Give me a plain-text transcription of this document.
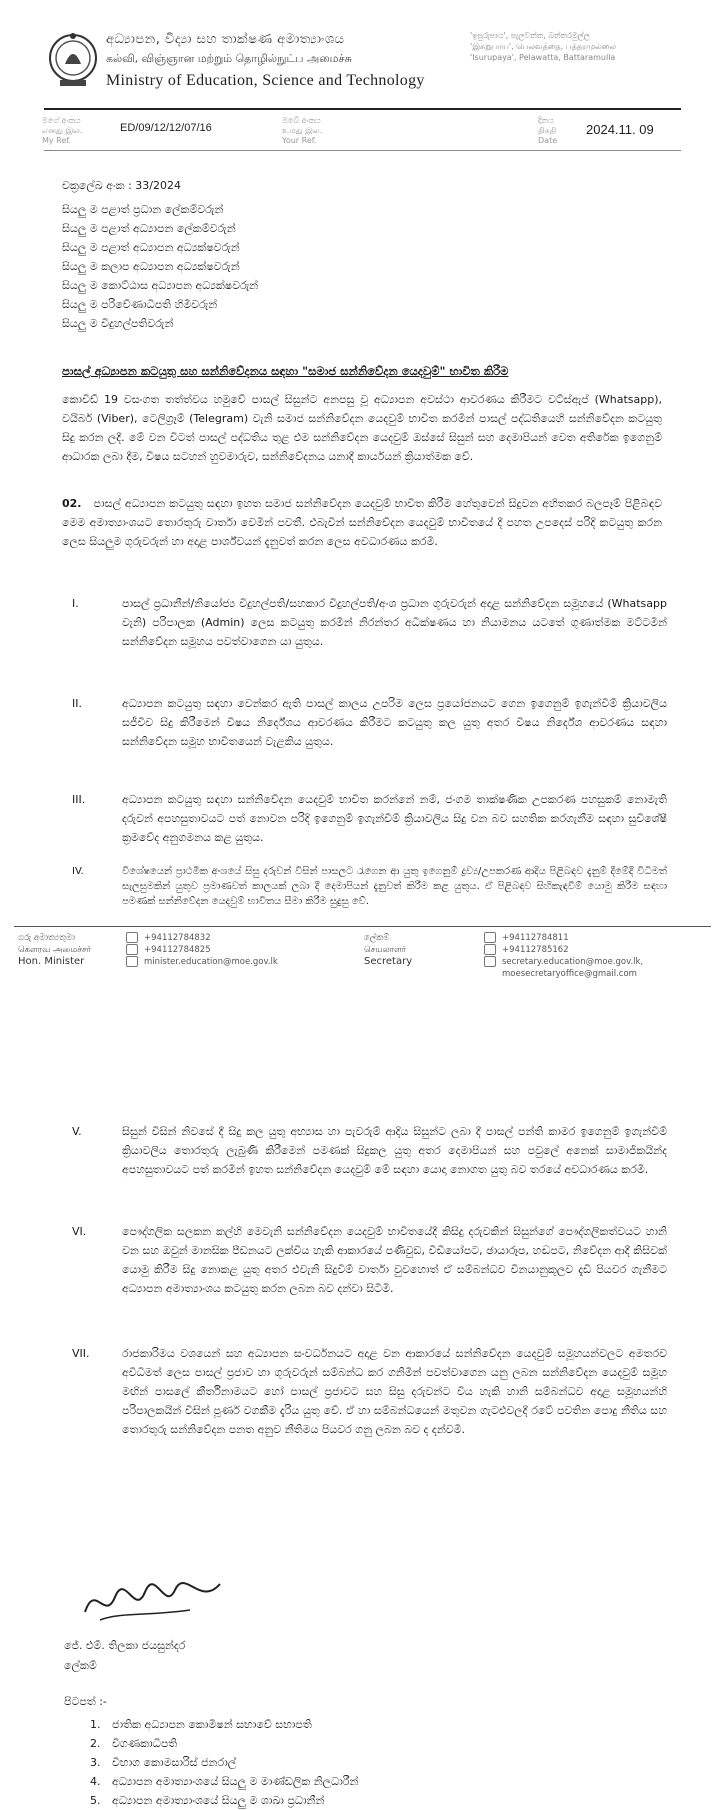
අධ්‍යාපන, විද්‍යා සහ තාක්ෂණ අමාත්‍යාංශය
கல்வி, விஞ்ஞான மற்றும் தொழில்நுட்ப அமைச்சு
Ministry of Education, Science and Technology
'ඉසුරුපාය', පැලවත්ත, බත්තරමුල්ල
'இசுறுபாய', பெலவத்தை, பத்தரமுல்லை
'Isurupaya', Pelawatta, Battaramulla
මගේ අංකය
எனது இல.
My Ref.
ED/09/12/12/07/16
ඔබේ අංකය
உமது இல.
Your Ref.
දිනය
திகதி
Date
2024.11. 09
චක්‍රලේඛ අංක : 33/2024
සියලු ම පළාත් ප්‍රධාන ලේකම්වරුන්
සියලු ම පළාත් අධ්‍යාපන ලේකම්වරුන්
සියලු ම පළාත් අධ්‍යාපන අධ්‍යක්ෂවරුන්
සියලු ම කලාප අධ්‍යාපන අධ්‍යක්ෂවරුන්
සියලු ම කොට්ඨාස අධ්‍යාපන අධ්‍යක්ෂවරුන්
සියලු ම පරිවේණාධිපති හිමිවරුන්
සියලු ම විදුහල්පතිවරුන්
පාසල් අධ්‍යාපන කටයුතු සහ සන්නිවේදනය සඳහා "සමාජ සන්නිවේදන යෙදවුම්" භාවිත කිරීම
කොවිඩ් 19 වසංගත තත්ත්වය හමුවේ පාසල් සිසුන්ට අනපසු වූ අධ්‍යාපන අවස්ථා ආවරණය කිරීමට වට්ස්ඇප් (Whatsapp), වයිබර් (Viber), ටෙලිග්‍රෑම් (Telegram) වැනි සමාජ සන්නිවේදන යෙදවුම් භාවිත කරමින් පාසල් පද්ධතියෙහි සන්නිවේදන කටයුතු සිදු කරන ලදී. මේ වන විටත් පාසල් පද්ධතිය තුළ එම සන්නිවේදන යෙදවුම් ඔස්සේ සිසුන් සහ දෙමාපියන් වෙත අතිරේක ඉගෙනුම් ආධාරක ලබා දීම, විෂය සටහන් හුවමාරුව, සන්නිවේදනය යනාදී කාර්යයන් ක්‍රියාත්මක වේ.
02. පාසල් අධ්‍යාපන කටයුතු සඳහා ඉහත සමාජ සන්නිවේදන යෙදවුම් භාවිත කිරීම හේතුවෙන් සිදුවන අහිතකර බලපෑම් පිළිබඳව මෙම අමාත්‍යාංශයට තොරතුරු වාර්තා වෙමින් පවතී. එබැවින් සන්නිවේදන යෙදවුම් භාවිතයේ දී පහත උපදෙස් පරිදි කටයුතු කරන ලෙස සියලුම ගුරුවරුන් හා අදාළ පාර්ශ්වයන් දැනුවත් කරන ලෙස අවධාරණය කරමි.
I.	පාසල් ප්‍රධානීන්/නියෝජ්‍ය විදුහල්පති/සහකාර විදුහල්පති/අංශ ප්‍රධාන ගුරුවරුන් අදාළ සන්නිවේදන සමූහයේ (Whatsapp වැනි) පරිපාලක (Admin) ලෙස කටයුතු කරමින් නිරන්තර අධීක්ෂණය හා නියාමනය යටතේ ගුණාත්මක මට්ටමින් සන්නිවේදන සමූහය පවත්වාගෙන යා යුතුය.
II.	අධ්‍යාපන කටයුතු සඳහා වෙන්කර ඇති පාසල් කාලය උපරිම ලෙස ප්‍රයෝජනයට ගෙන ඉගෙනුම් ඉගැන්වීම් ක්‍රියාවලිය සජීවීව සිදු කිරීමෙන් විෂය නිර්දේශය ආවරණය කිරීමට කටයුතු කල යුතු අතර විෂය නිර්දේශ ආවරණය සඳහා සන්නිවේදන සමූහ භාවිතයෙන් වැළකිය යුතුය.
III.	අධ්‍යාපන කටයුතු සඳහා සන්නිවේදන යෙදවුම් භාවිත කරන්නේ නම්, ජංගම තාක්ෂණික උපකරණ පහසුකම් නොමැති දරුවන් අපහසුතාවයට පත් නොවන පරිදි ඉගෙනුම් ඉගැන්වීම් ක්‍රියාවලිය සිදු වන බව සහතික කරගැනීම සඳහා සුවිශේෂී ක්‍රමවේද අනුගමනය කළ යුතුය.
IV.	විශේෂයෙන් ප්‍රාථමික අංශයේ සිසු දරුවන් විසින් පාසලට රැගෙන ආ යුතු ඉගෙනුම් ද්‍රව්‍ය/උපකරණ ආදිය පිළිබඳව දැනුම් දීමේදී විධිමත් සැලසුමකින් යුතුව ප්‍රමාණවත් කාලයක් ලබා දී දෙමාපියන් දැනුවත් කිරීම කළ යුතුය. ඒ පිළිබඳව සිහිකැඳවීම් යොමු කිරීම සඳහා පමණක් සන්නිවේදන යෙදවුම් භාවිතය සීමා කිරීම සුදුසු වේ.
ගරු අමාත්‍යතුමා
கௌரவ அமைச்சர்
Hon. Minister
+94112784832
+94112784825
minister.education@moe.gov.lk
ලේකම්
செயலாளர்
Secretary
+94112784811
+94112785162
secretary.education@moe.gov.lk,
moesecretaryoffice@gmail.com
V.	සිසුන් විසින් නිවසේ දී සිදු කල යුතු අභ්‍යාස හා පැවරුම් ආදිය සිසුන්ට ලබා දී පාසල් පන්ති කාමර ඉගෙනුම් ඉගැන්වීම් ක්‍රියාවලිය තොරතුරු ලැබුණි කිරීමෙන් පමණක් සිදුකල යුතු අතර දෙමාපියන් සහ පවුලේ අනෙක් සාමාජිකයින්ද අපහසුතාවයට පත් කරමින් ඉහත සන්නිවේදන යෙදවුම් මේ සඳහා යොදා නොගත යුතු බව තරයේ අවධාරණය කරමි.
VI.	පෞද්ගලික සලකන කල්හි මෙවැනි සන්නිවේදන යෙදවුම් භාවිතයේදී කිසිදු දරුවකින් සිසුන්ගේ පෞද්ගලිකත්වයට හානි වන සහ ඔවුන් මානසික පීඩනයට ලක්විය හැකි ආකාරයේ පණිවුඩ, වීඩියෝපට, ඡායාරූප, හඬපට, නිවේදන ආදී කිසිවක් යොමු කිරීම සිදු නොකළ යුතු අතර එවැනි සිදුවීම් වාර්තා වුවහොත් ඒ සම්බන්ධව විනයානුකූලව දැඩි පියවර ගැනීමට අධ්‍යාපන අමාත්‍යාංශය කටයුතු කරන ලබන බව දන්වා සිටිමි.
VII.	රාජකාරිමය වශයෙන් සහ අධ්‍යාපන සංවර්ධනයට අදාළ වන ආකාරයේ සන්නිවේදන යෙදවුම් සමූහයන්වලට අමතරව අවිධිමත් ලෙස පාසල් ප්‍රජාව හා ගුරුවරුන් සම්බන්ධ කර ගනිමින් පවත්වාගෙන යනු ලබන සන්නිවේදන යෙදවුම් සමූහ මඟින් පාසලේ කීර්තිනාමයට හෝ පාසල් ප්‍රජාවට සහ සිසු දරුවන්ට විය හැකි හානි සම්බන්ධව අදාළ සමූහයන්හි පරිපාලකයින් විසින් පූර්ණ වගකීම දැරිය යුතු වේ. ඒ හා සම්බන්ධයෙන් මතුවන ගැටළුවලදී රටේ පවතින පොදු නීතිය සහ තොරතුරු සන්නිවේදන පනත අනුව නීතිමය පියවර ගනු ලබන බව ද දන්වමි.
ජේ. එම්. තිලකා ජයසුන්දර
ලේකම්
පිටපත් :-
1. ජාතික අධ්‍යාපන කොමිෂන් සභාවේ සභාපති
2. විගණකාධිපති
3. විභාග කොමසාරිස් ජනරාල්
4. අධ්‍යාපන අමාත්‍යාංශයේ සියලු ම මාණ්ඩලික නිලධාරීන්
5. අධ්‍යාපන අමාත්‍යාංශයේ සියලු ම ශාඛා ප්‍රධානීන්
